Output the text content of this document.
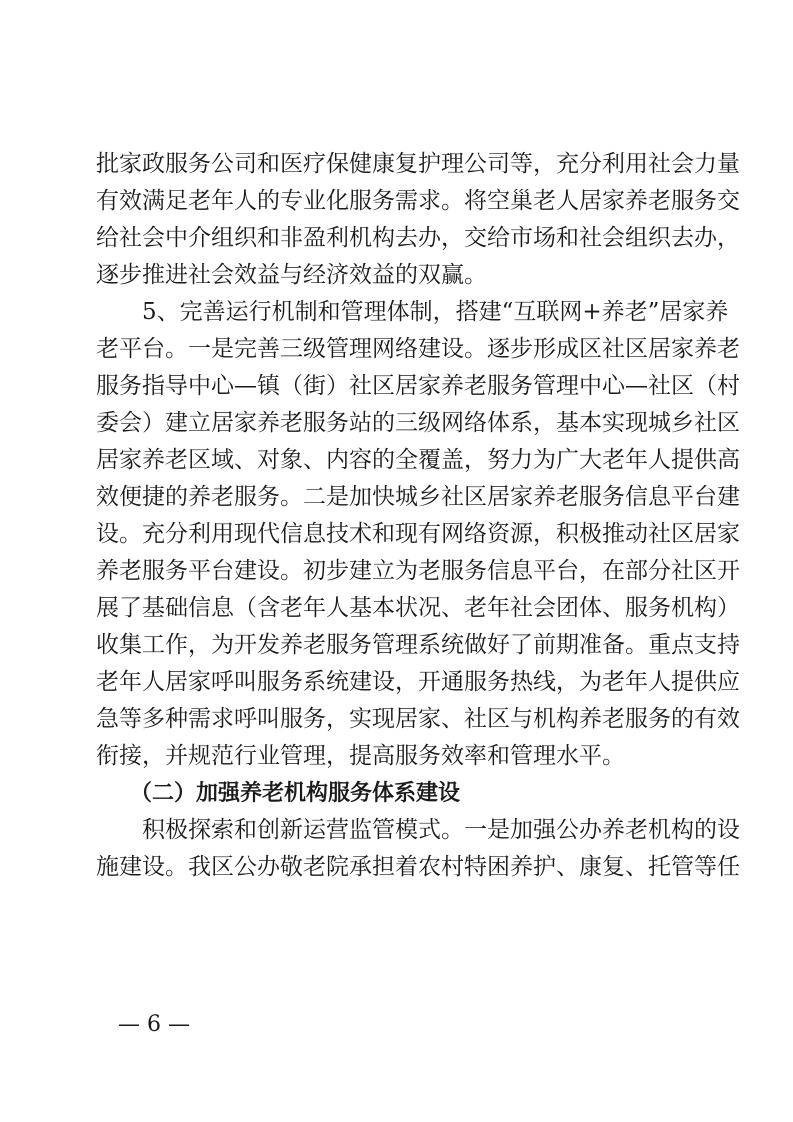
批家政服务公司和医疗保健康复护理公司等，充分利用社会力量
有效满足老年人的专业化服务需求。将空巢老人居家养老服务交
给社会中介组织和非盈利机构去办，交给市场和社会组织去办，
逐步推进社会效益与经济效益的双赢。
5、完善运行机制和管理体制，搭建“互联网+养老”居家养
老平台。一是完善三级管理网络建设。逐步形成区社区居家养老
服务指导中心—镇（街）社区居家养老服务管理中心—社区（村
委会）建立居家养老服务站的三级网络体系，基本实现城乡社区
居家养老区域、对象、内容的全覆盖，努力为广大老年人提供高
效便捷的养老服务。二是加快城乡社区居家养老服务信息平台建
设。充分利用现代信息技术和现有网络资源，积极推动社区居家
养老服务平台建设。初步建立为老服务信息平台，在部分社区开
展了基础信息（含老年人基本状况、老年社会团体、服务机构）
收集工作，为开发养老服务管理系统做好了前期准备。重点支持
老年人居家呼叫服务系统建设，开通服务热线，为老年人提供应
急等多种需求呼叫服务，实现居家、社区与机构养老服务的有效
衔接，并规范行业管理，提高服务效率和管理水平。
（二）加强养老机构服务体系建设
积极探索和创新运营监管模式。一是加强公办养老机构的设
施建设。我区公办敬老院承担着农村特困养护、康复、托管等任
— 6 —
